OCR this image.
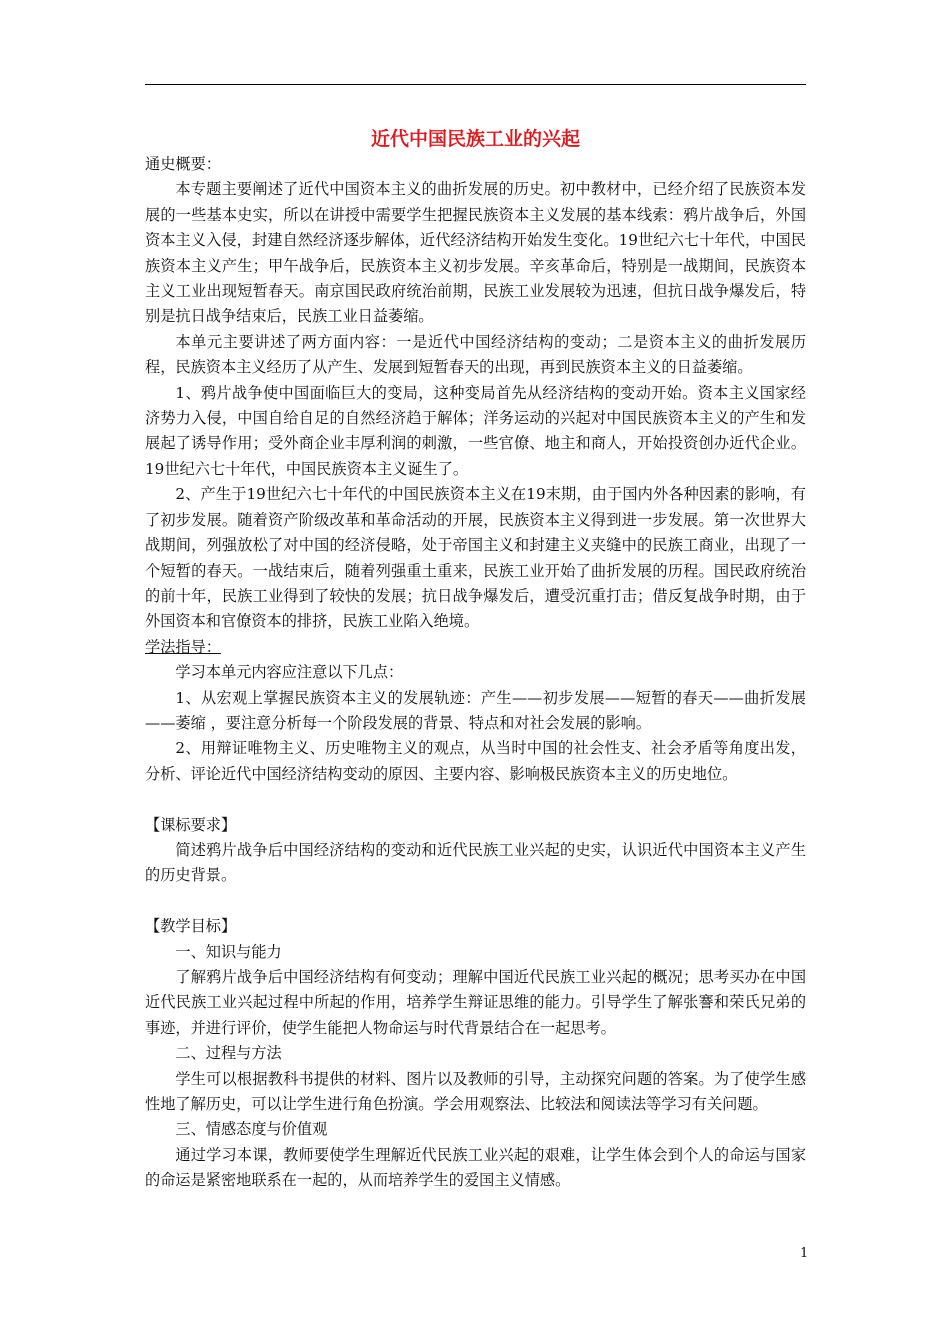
近代中国民族工业的兴起

通史概要：

本专题主要阐述了近代中国资本主义的曲折发展的历史。初中教材中，已经介绍了民族资本发展的一些基本史实，所以在讲授中需要学生把握民族资本主义发展的基本线索：鸦片战争后，外国资本主义入侵，封建自然经济逐步解体，近代经济结构开始发生变化。19世纪六七十年代，中国民族资本主义产生；甲午战争后，民族资本主义初步发展。辛亥革命后，特别是一战期间，民族资本主义工业出现短暂春天。南京国民政府统治前期，民族工业发展较为迅速，但抗日战争爆发后，特别是抗日战争结束后，民族工业日益萎缩。

本单元主要讲述了两方面内容：一是近代中国经济结构的变动；二是资本主义的曲折发展历程，民族资本主义经历了从产生、发展到短暂春天的出现，再到民族资本主义的日益萎缩。

1、鸦片战争使中国面临巨大的变局，这种变局首先从经济结构的变动开始。资本主义国家经济势力入侵，中国自给自足的自然经济趋于解体；洋务运动的兴起对中国民族资本主义的产生和发展起了诱导作用；受外商企业丰厚利润的刺激，一些官僚、地主和商人，开始投资创办近代企业。19世纪六七十年代，中国民族资本主义诞生了。

2、产生于19世纪六七十年代的中国民族资本主义在19末期，由于国内外各种因素的影响，有了初步发展。随着资产阶级改革和革命活动的开展，民族资本主义得到进一步发展。第一次世界大战期间，列强放松了对中国的经济侵略，处于帝国主义和封建主义夹缝中的民族工商业，出现了一个短暂的春天。一战结束后，随着列强重土重来，民族工业开始了曲折发展的历程。国民政府统治的前十年，民族工业得到了较快的发展；抗日战争爆发后，遭受沉重打击；借反复战争时期，由于外国资本和官僚资本的排挤，民族工业陷入绝境。

学法指导：

学习本单元内容应注意以下几点：

1、从宏观上掌握民族资本主义的发展轨迹：产生——初步发展——短暂的春天——曲折发展——萎缩 ，要注意分析每一个阶段发展的背景、特点和对社会发展的影响。

2、用辩证唯物主义、历史唯物主义的观点，从当时中国的社会性支、社会矛盾等角度出发，分析、评论近代中国经济结构变动的原因、主要内容、影响极民族资本主义的历史地位。

【课标要求】

简述鸦片战争后中国经济结构的变动和近代民族工业兴起的史实，认识近代中国资本主义产生的历史背景。

【教学目标】

一、知识与能力

了解鸦片战争后中国经济结构有何变动；理解中国近代民族工业兴起的概况；思考买办在中国近代民族工业兴起过程中所起的作用，培养学生辩证思维的能力。引导学生了解张謇和荣氏兄弟的事迹，并进行评价，使学生能把人物命运与时代背景结合在一起思考。

二、过程与方法

学生可以根据教科书提供的材料、图片以及教师的引导，主动探究问题的答案。为了使学生感性地了解历史，可以让学生进行角色扮演。学会用观察法、比较法和阅读法等学习有关问题。

三、情感态度与价值观

通过学习本课，教师要使学生理解近代民族工业兴起的艰难，让学生体会到个人的命运与国家的命运是紧密地联系在一起的，从而培养学生的爱国主义情感。

1
